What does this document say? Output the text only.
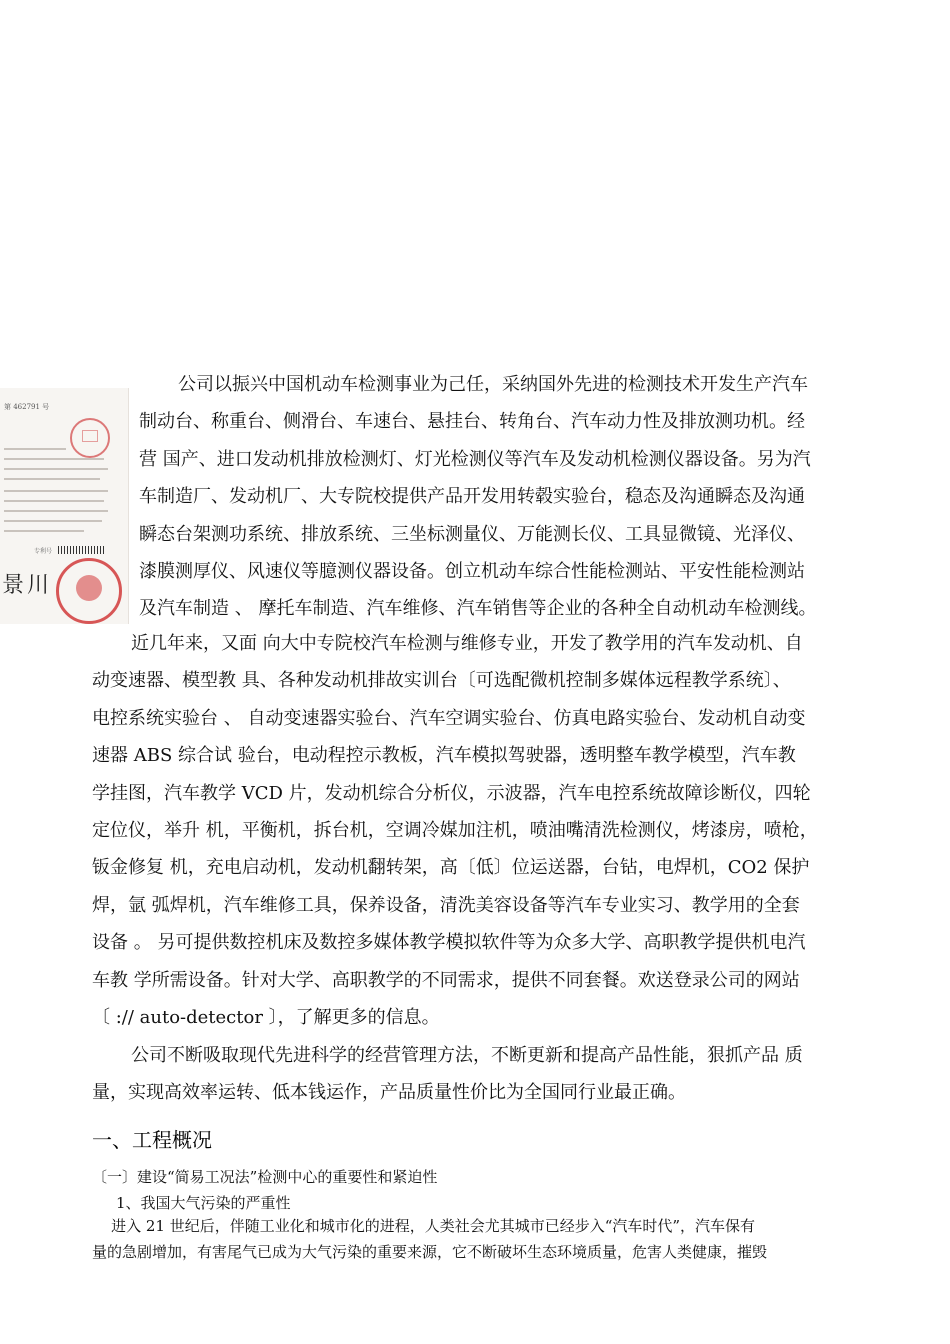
第 462791 号
专利号
景川
公司以振兴中国机动车检测事业为己任，采纳国外先进的检测技术开发生产汽车
制动台、称重台、侧滑台、车速台、悬挂台、转角台、汽车动力性及排放测功机。经
营 国产、进口发动机排放检测灯、灯光检测仪等汽车及发动机检测仪器设备。另为汽
车制造厂、发动机厂、大专院校提供产品开发用转毂实验台，稳态及沟通瞬态及沟通
瞬态台架测功系统、排放系统、三坐标测量仪、万能测长仪、工具显微镜、光泽仪、
漆膜测厚仪、风速仪等臆测仪器设备。创立机动车综合性能检测站、平安性能检测站
及汽车制造 、 摩托车制造、汽车维修、汽车销售等企业的各种全自动机动车检测线。
近几年来，又面 向大中专院校汽车检测与维修专业，开发了教学用的汽车发动机、自
动变速器、模型教 具、各种发动机排故实训台〔可选配微机控制多媒体远程教学系统〕、
电控系统实验台 、 自动变速器实验台、汽车空调实验台、仿真电路实验台、发动机自动变
速器 ABS 综合试 验台，电动程控示教板，汽车模拟驾驶器，透明整车教学模型，汽车教
学挂图，汽车教学 VCD 片，发动机综合分析仪，示波器，汽车电控系统故障诊断仪，四轮
定位仪，举升 机，平衡机，拆台机，空调冷媒加注机，喷油嘴清洗检测仪，烤漆房，喷枪，
钣金修复 机，充电启动机，发动机翻转架，高〔低〕位运送器，台钻，电焊机，CO2 保护
焊，氩 弧焊机，汽车维修工具，保养设备，清洗美容设备等汽车专业实习、教学用的全套
设备 。 另可提供数控机床及数控多媒体教学模拟软件等为众多大学、高职教学提供机电汽
车教 学所需设备。针对大学、高职教学的不同需求，提供不同套餐。欢送登录公司的网站
〔 :// auto-detector 〕，了解更多的信息。
公司不断吸取现代先进科学的经营管理方法，不断更新和提高产品性能，狠抓产品 质
量，实现高效率运转、低本钱运作，产品质量性价比为全国同行业最正确。
一、工程概况
〔一〕建设“简易工况法”检测中心的重要性和紧迫性
1、我国大气污染的严重性
进入 21 世纪后，伴随工业化和城市化的进程，人类社会尤其城市已经步入“汽车时代”，汽车保有
量的急剧增加，有害尾气已成为大气污染的重要来源，它不断破坏生态环境质量，危害人类健康，摧毁
